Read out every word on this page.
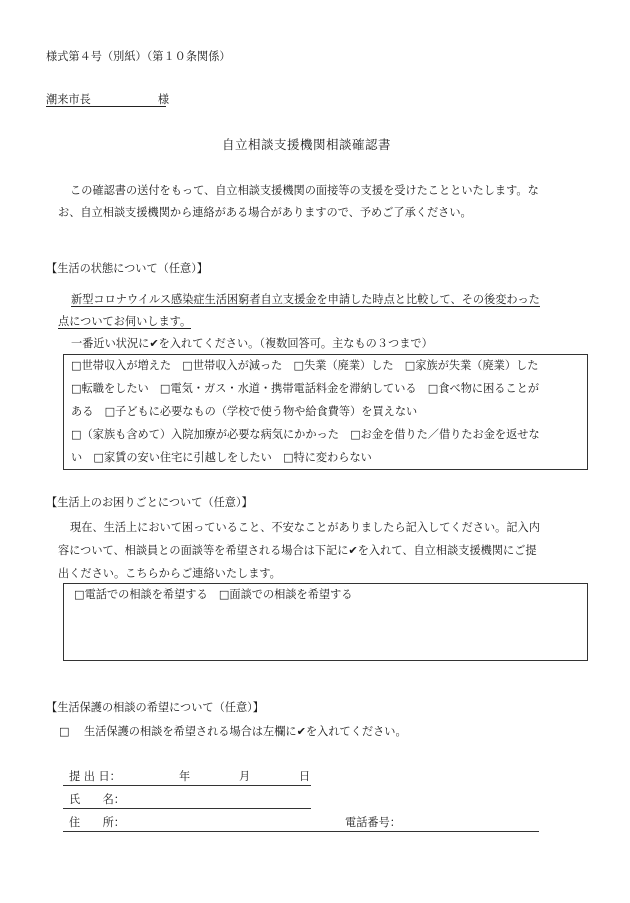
様式第４号（別紙）（第１０条関係）
潮来市長　　　　　　様
自立相談支援機関相談確認書
この確認書の送付をもって、自立相談支援機関の面接等の支援を受けたことといたします。な
お、自立相談支援機関から連絡がある場合がありますので、予めご了承ください。
【生活の状態について（任意）】
新型コロナウイルス感染症生活困窮者自立支援金を申請した時点と比較して、その後変わった
点についてお伺いします。
一番近い状況に✔を入れてください。（複数回答可。主なもの３つまで）
□世帯収入が増えた　□世帯収入が減った　□失業（廃業）した　□家族が失業（廃業）した
□転職をしたい　□電気・ガス・水道・携帯電話料金を滞納している　□食べ物に困ることが
ある　□子どもに必要なもの（学校で使う物や給食費等）を買えない
□（家族も含めて）入院加療が必要な病気にかかった　□お金を借りた／借りたお金を返せな
い　□家賃の安い住宅に引越しをしたい　□特に変わらない
【生活上のお困りごとについて（任意）】
現在、生活上において困っていること、不安なことがありましたら記入してください。記入内
容について、相談員との面談等を希望される場合は下記に✔を入れて、自立相談支援機関にご提
出ください。こちらからご連絡いたします。
□電話での相談を希望する　□面談での相談を希望する
【生活保護の相談の希望について（任意）】
□ 生活保護の相談を希望される場合は左欄に✔を入れてください。
提 出 日：	年	月	日
氏　　名：
住　　所：	電話番号：
